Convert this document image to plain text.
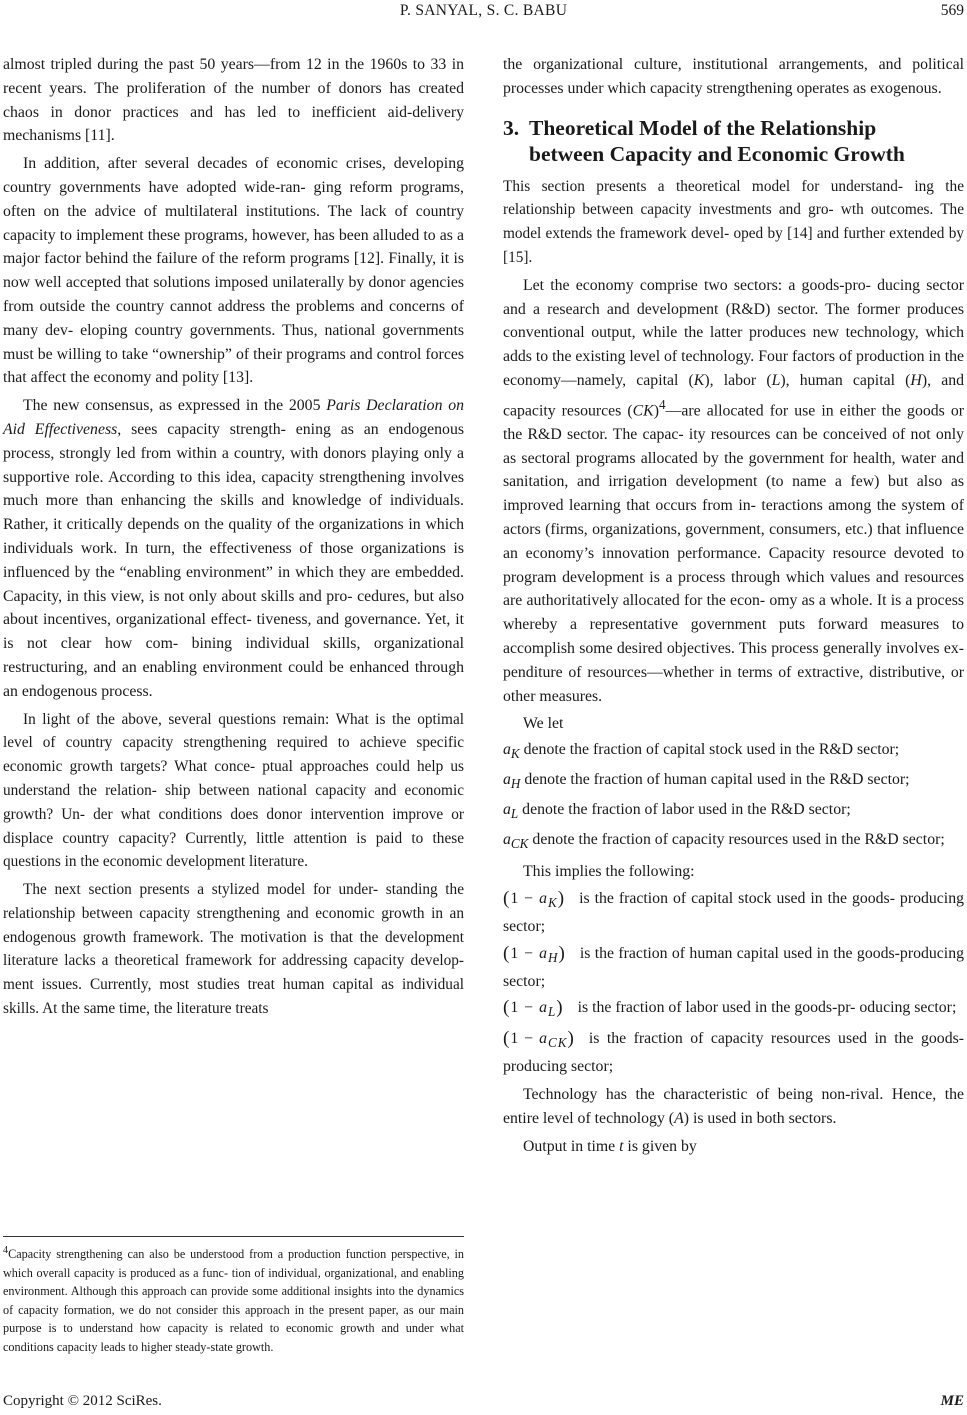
P. SANYAL, S. C. BABU	569

almost tripled during the past 50 years—from 12 in the 1960s to 33 in recent years. The proliferation of the number of donors has created chaos in donor practices and has led to inefficient aid-delivery mechanisms [11].

In addition, after several decades of economic crises, developing country governments have adopted wide-ran- ging reform programs, often on the advice of multilateral institutions. The lack of country capacity to implement these programs, however, has been alluded to as a major factor behind the failure of the reform programs [12]. Finally, it is now well accepted that solutions imposed unilaterally by donor agencies from outside the country cannot address the problems and concerns of many dev- eloping country governments. Thus, national governments must be willing to take “ownership” of their programs and control forces that affect the economy and polity [13].

The new consensus, as expressed in the 2005 Paris Declaration on Aid Effectiveness, sees capacity strength- ening as an endogenous process, strongly led from within a country, with donors playing only a supportive role. According to this idea, capacity strengthening involves much more than enhancing the skills and knowledge of individuals. Rather, it critically depends on the quality of the organizations in which individuals work. In turn, the effectiveness of those organizations is influenced by the “enabling environment” in which they are embedded. Capacity, in this view, is not only about skills and pro- cedures, but also about incentives, organizational effect- tiveness, and governance. Yet, it is not clear how com- bining individual skills, organizational restructuring, and an enabling environment could be enhanced through an endogenous process.

In light of the above, several questions remain: What is the optimal level of country capacity strengthening required to achieve specific economic growth targets? What conce- ptual approaches could help us understand the relation- ship between national capacity and economic growth? Un- der what conditions does donor intervention improve or displace country capacity? Currently, little attention is paid to these questions in the economic development literature.

The next section presents a stylized model for under- standing the relationship between capacity strengthening and economic growth in an endogenous growth framework. The motivation is that the development literature lacks a theoretical framework for addressing capacity develop- ment issues. Currently, most studies treat human capital as individual skills. At the same time, the literature treats

$^4$Capacity strengthening can also be understood from a production function perspective, in which overall capacity is produced as a func- tion of individual, organizational, and enabling environment. Although this approach can provide some additional insights into the dynamics of capacity formation, we do not consider this approach in the present paper, as our main purpose is to understand how capacity is related to economic growth and under what conditions capacity leads to higher steady-state growth.

the organizational culture, institutional arrangements, and political processes under which capacity strengthening operates as exogenous.

3. Theoretical Model of the Relationship
between Capacity and Economic Growth

This section presents a theoretical model for understand- ing the relationship between capacity investments and gro- wth outcomes. The model extends the framework devel- oped by [14] and further extended by [15].

Let the economy comprise two sectors: a goods-pro- ducing sector and a research and development (R&D) sector. The former produces conventional output, while the latter produces new technology, which adds to the existing level of technology. Four factors of production in the economy—namely, capital (K), labor (L), human capital (H), and capacity resources (CK)$^4$—are allocated for use in either the goods or the R&D sector. The capac- ity resources can be conceived of not only as sectoral programs allocated by the government for health, water and sanitation, and irrigation development (to name a few) but also as improved learning that occurs from in- teractions among the system of actors (firms, organizations, government, consumers, etc.) that influence an economy’s innovation performance. Capacity resource devoted to program development is a process through which values and resources are authoritatively allocated for the econ- omy as a whole. It is a process whereby a representative government puts forward measures to accomplish some desired objectives. This process generally involves ex- penditure of resources—whether in terms of extractive, distributive, or other measures.

We let

$a_K$ denote the fraction of capital stock used in the R&D sector;

$a_H$ denote the fraction of human capital used in the R&D sector;

$a_L$ denote the fraction of labor used in the R&D sector;

$a_{CK}$ denote the fraction of capacity resources used in the R&D sector;

This implies the following:

$(1 - a_K)$ is the fraction of capital stock used in the goods- producing sector;

$(1 - a_H)$ is the fraction of human capital used in the goods-producing sector;

$(1 - a_L)$ is the fraction of labor used in the goods-pr- oducing sector;

$(1 - a_{CK})$ is the fraction of capacity resources used in the goods-producing sector;

Technology has the characteristic of being non-rival. Hence, the entire level of technology (A) is used in both sectors.

Output in time t is given by

Copyright © 2012 SciRes.	ME
